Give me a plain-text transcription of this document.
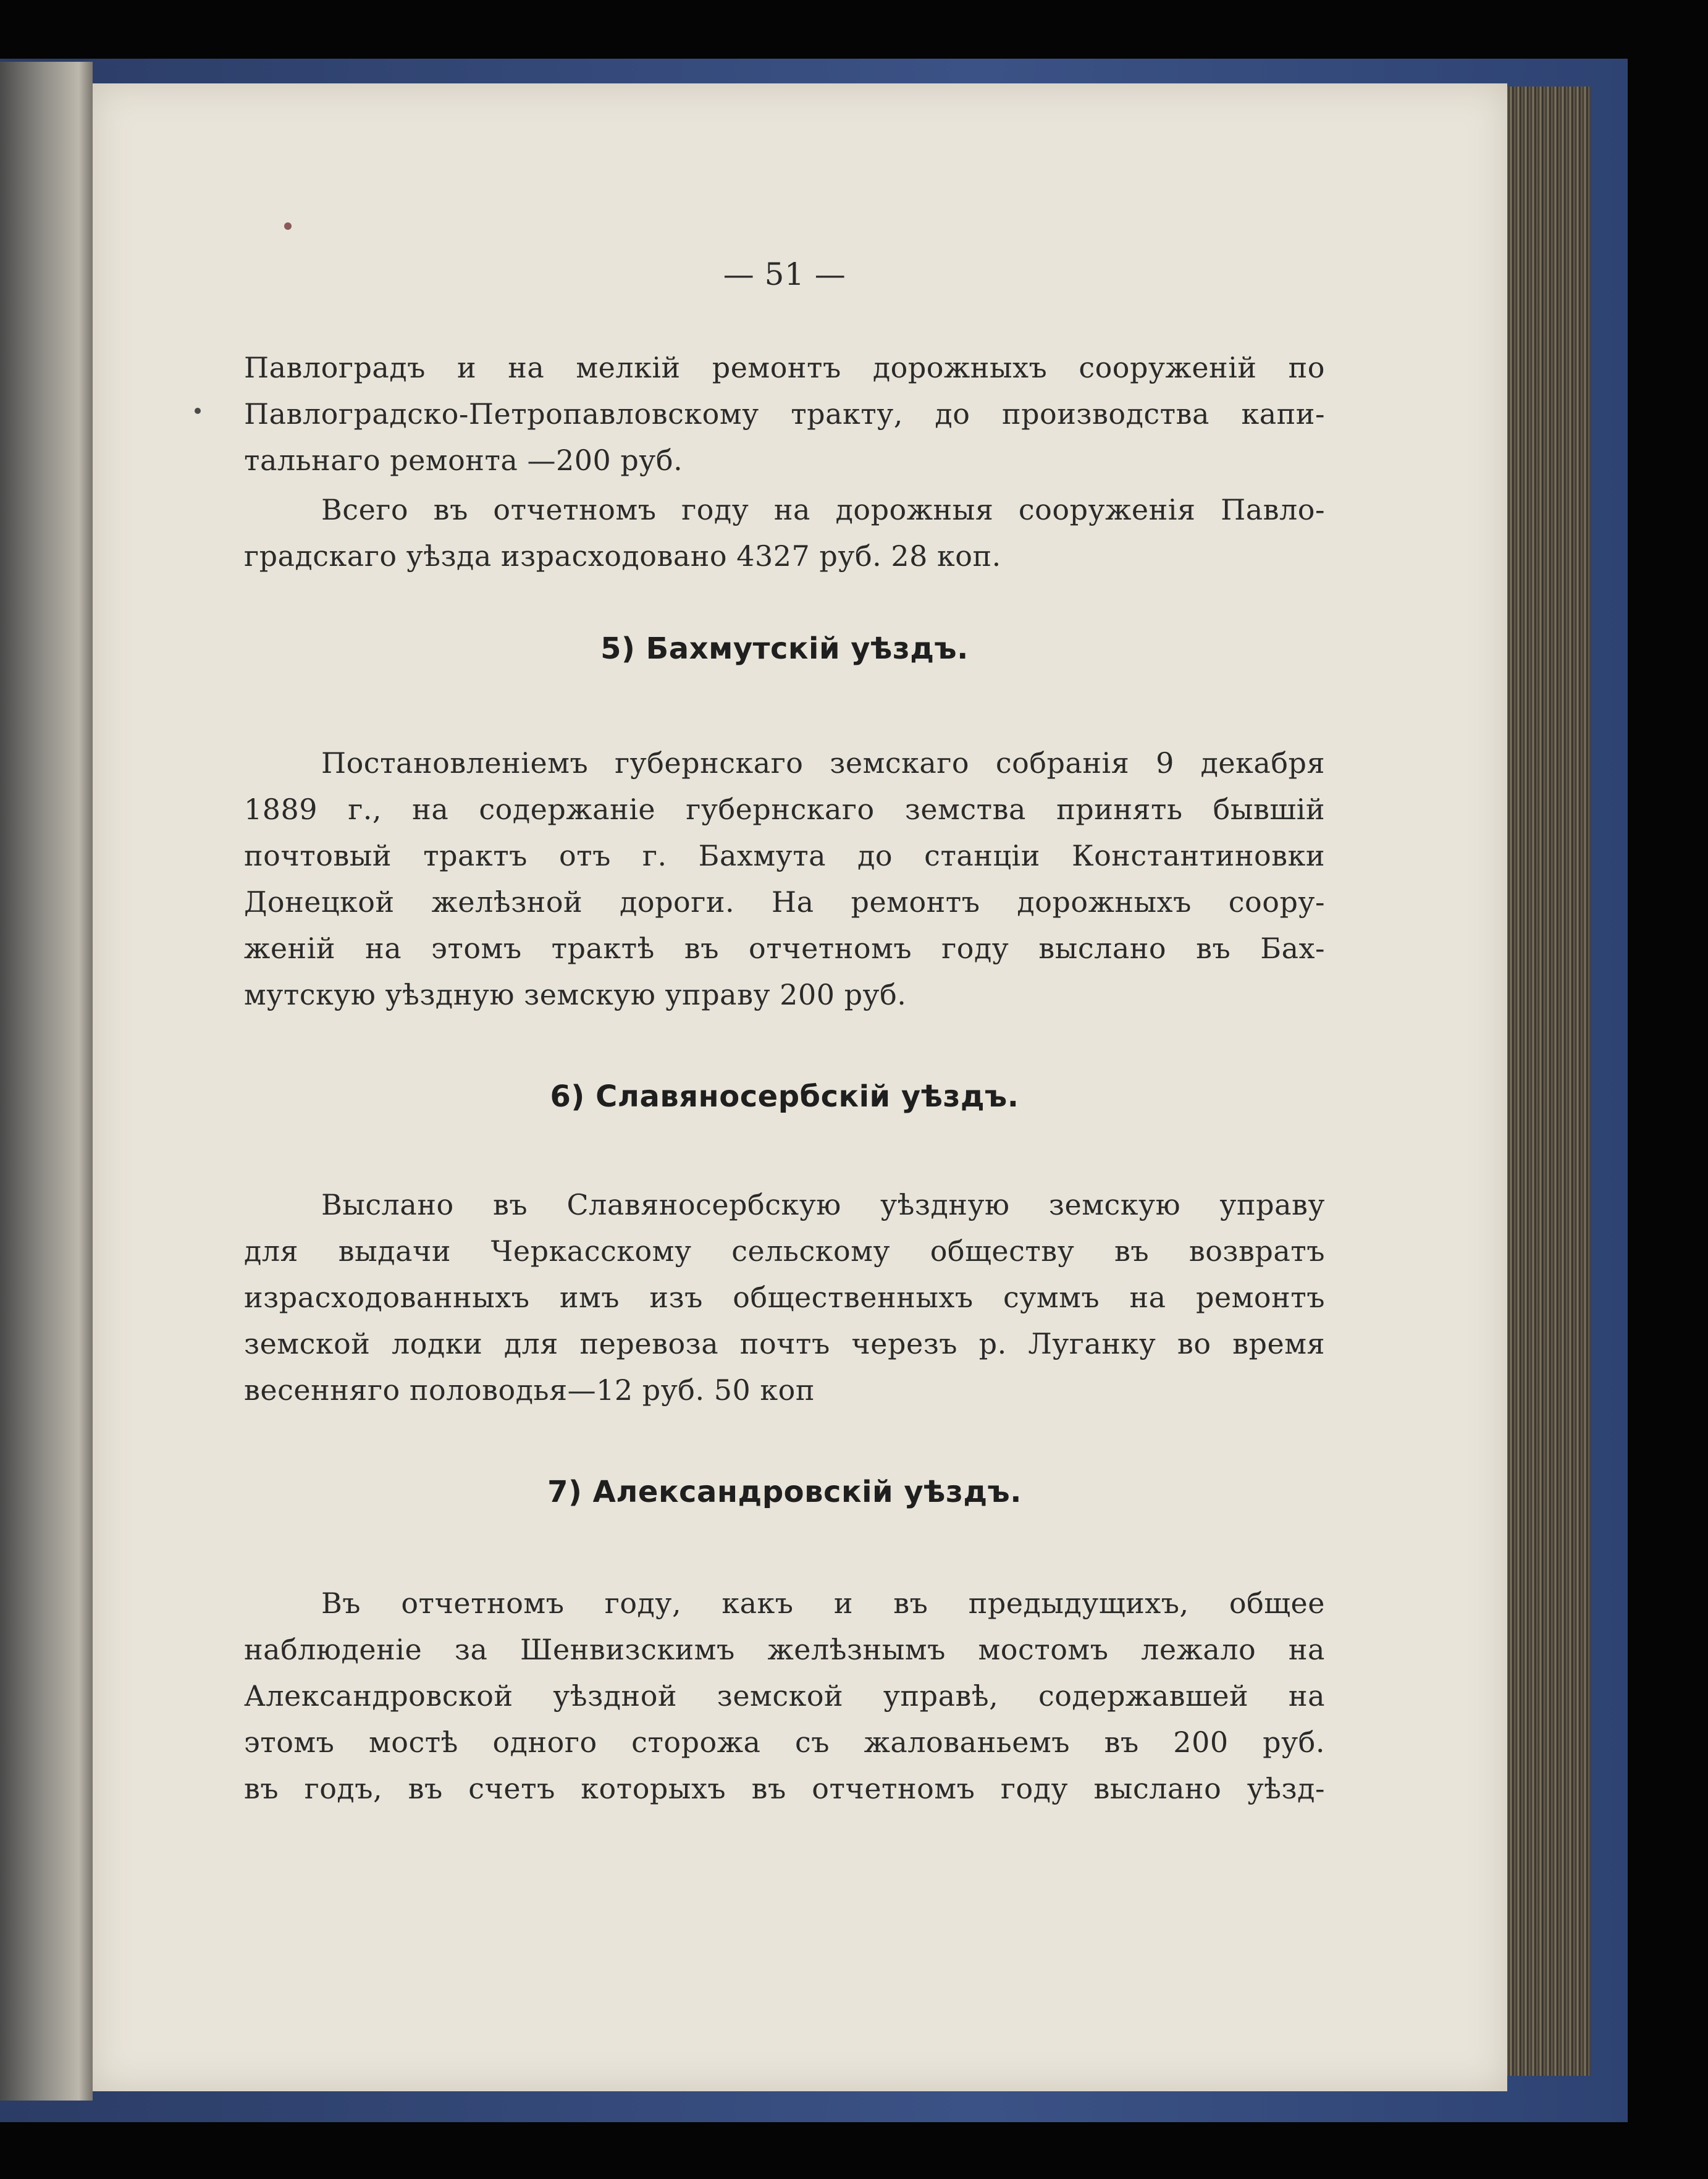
— 51 —
Павлоградъ и на мелкій ремонтъ дорожныхъ сооруженій по
Павлоградско-Петропавловскому тракту, до производства капи-
тальнаго ремонта —200 руб.
Всего въ отчетномъ году на дорожныя сооруженія Павло-
градскаго уѣзда израсходовано 4327 руб. 28 коп.
5) Бахмутскій уѣздъ.
Постановленіемъ губернскаго земскаго собранія 9 декабря
1889 г., на содержаніе губернскаго земства принять бывшій
почтовый трактъ отъ г. Бахмута до станціи Константиновки
Донецкой желѣзной дороги. На ремонтъ дорожныхъ соору-
женій на этомъ трактѣ въ отчетномъ году выслано въ Бах-
мутскую уѣздную земскую управу 200 руб.
6) Славяносербскій уѣздъ.
Выслано въ Славяносербскую уѣздную земскую управу
для выдачи Черкасскому сельскому обществу въ возвратъ
израсходованныхъ имъ изъ общественныхъ суммъ на ремонтъ
земской лодки для перевоза почтъ черезъ р. Луганку во время
весенняго половодья—12 руб. 50 коп
7) Александровскій уѣздъ.
Въ отчетномъ году, какъ и въ предыдущихъ, общее
наблюденіе за Шенвизскимъ желѣзнымъ мостомъ лежало на
Александровской уѣздной земской управѣ, содержавшей на
этомъ мостѣ одного сторожа съ жалованьемъ въ 200 руб.
въ годъ, въ счетъ которыхъ въ отчетномъ году выслано уѣзд-
